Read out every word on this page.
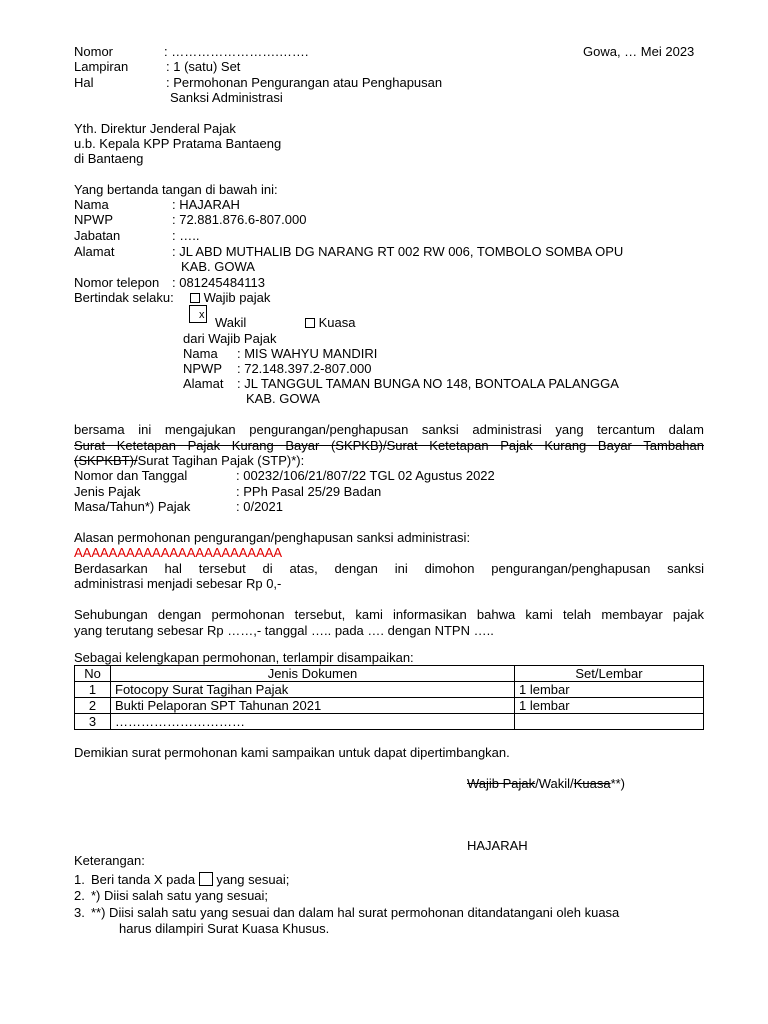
Nomor	: …………………….…….	Gowa, … Mei 2023
Lampiran	: 1 (satu) Set
Hal	: Permohonan Pengurangan atau Penghapusan
Sanksi Administrasi
Yth. Direktur Jenderal Pajak
u.b. Kepala KPP Pratama Bantaeng
di Bantaeng
Yang bertanda tangan di bawah ini:
Nama	: HAJARAH
NPWP	: 72.881.876.6-807.000
Jabatan	: …..
Alamat	: JL ABD MUTHALIB DG NARANG RT 002 RW 006, TOMBOLO SOMBA OPU
KAB. GOWA
Nomor telepon : 081245484113
Bertindak selaku:	Wajib pajak
x Wakil	Kuasa
dari Wajib Pajak
Nama : MIS WAHYU MANDIRI
NPWP : 72.148.397.2-807.000
Alamat : JL TANGGUL TAMAN BUNGA NO 148, BONTOALA PALANGGA
KAB. GOWA
bersama ini mengajukan pengurangan/penghapusan sanksi administrasi yang tercantum dalam
Surat Ketetapan Pajak Kurang Bayar (SKPKB)/Surat Ketetapan Pajak Kurang Bayar Tambahan
(SKPKBT)/Surat Tagihan Pajak (STP)*):
Nomor dan Tanggal	: 00232/106/21/807/22 TGL 02 Agustus 2022
Jenis Pajak	: PPh Pasal 25/29 Badan
Masa/Tahun*) Pajak	: 0/2021
Alasan permohonan pengurangan/penghapusan sanksi administrasi:
AAAAAAAAAAAAAAAAAAAAAAAA
Berdasarkan hal tersebut di atas, dengan ini dimohon pengurangan/penghapusan sanksi
administrasi menjadi sebesar Rp 0,-
Sehubungan dengan permohonan tersebut, kami informasikan bahwa kami telah membayar pajak
yang terutang sebesar Rp ……,- tanggal ….. pada …. dengan NTPN …..
Sebagai kelengkapan permohonan, terlampir disampaikan:
No	Jenis Dokumen	Set/Lembar
1	Fotocopy Surat Tagihan Pajak	1 lembar
2	Bukti Pelaporan SPT Tahunan 2021	1 lembar
3	…………………………	
Demikian surat permohonan kami sampaikan untuk dapat dipertimbangkan.
Wajib Pajak/Wakil/Kuasa**)
HAJARAH
Keterangan:
1. Beri tanda X pada yang sesuai;
2. *) Diisi salah satu yang sesuai;
3. **) Diisi salah satu yang sesuai dan dalam hal surat permohonan ditandatangani oleh kuasa
harus dilampiri Surat Kuasa Khusus.
